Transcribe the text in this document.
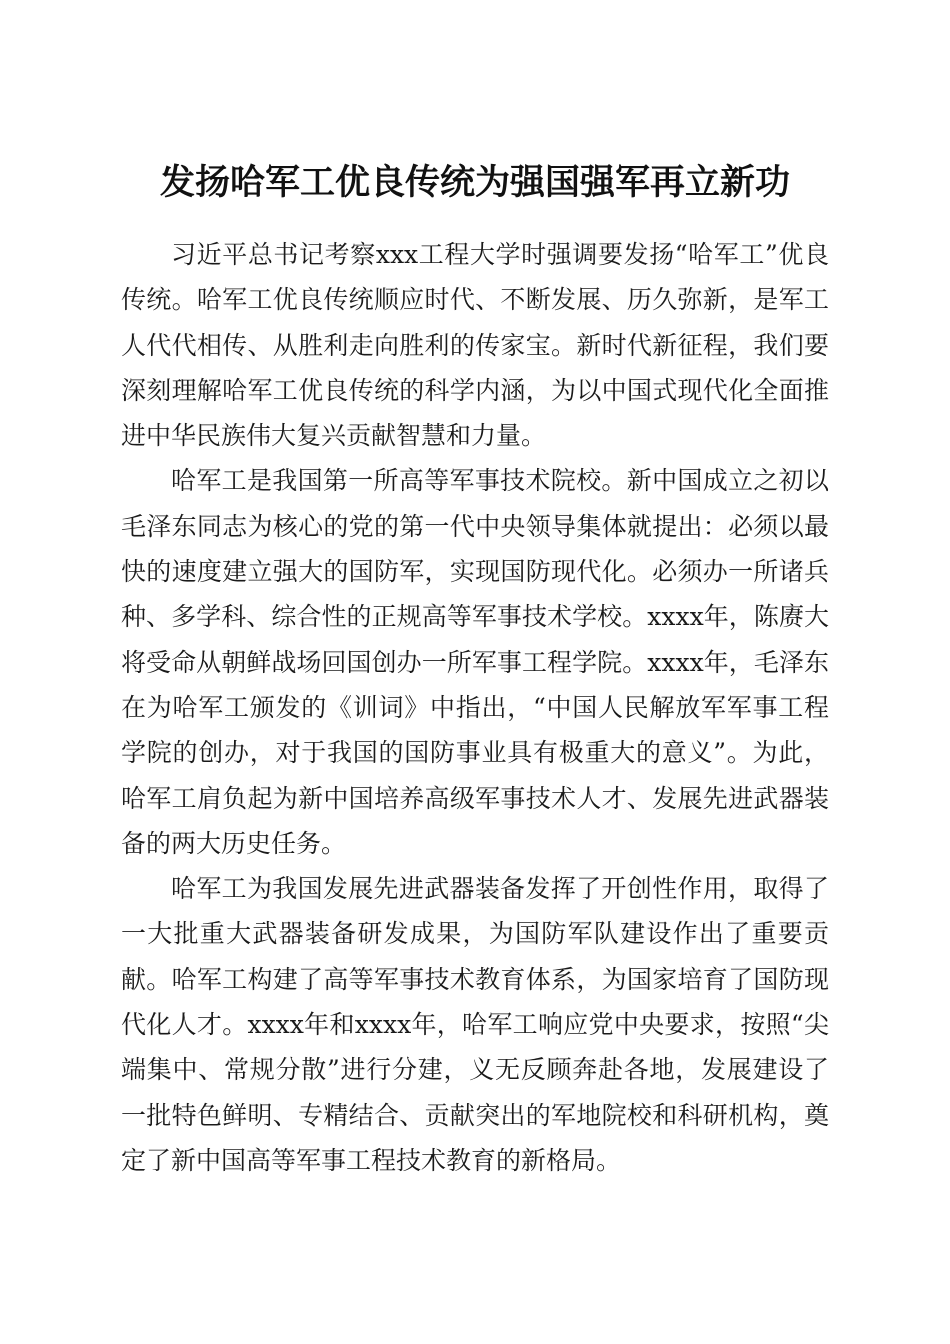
发扬哈军工优良传统为强国强军再立新功

习近平总书记考察xxx工程大学时强调要发扬“哈军工”优良传统。哈军工优良传统顺应时代、不断发展、历久弥新，是军工人代代相传、从胜利走向胜利的传家宝。新时代新征程，我们要深刻理解哈军工优良传统的科学内涵，为以中国式现代化全面推进中华民族伟大复兴贡献智慧和力量。

哈军工是我国第一所高等军事技术院校。新中国成立之初以毛泽东同志为核心的党的第一代中央领导集体就提出：必须以最快的速度建立强大的国防军，实现国防现代化。必须办一所诸兵种、多学科、综合性的正规高等军事技术学校。xxxx年，陈赓大将受命从朝鲜战场回国创办一所军事工程学院。xxxx年，毛泽东在为哈军工颁发的《训词》中指出，“中国人民解放军军事工程学院的创办，对于我国的国防事业具有极重大的意义”。为此，哈军工肩负起为新中国培养高级军事技术人才、发展先进武器装备的两大历史任务。

哈军工为我国发展先进武器装备发挥了开创性作用，取得了一大批重大武器装备研发成果，为国防军队建设作出了重要贡献。哈军工构建了高等军事技术教育体系，为国家培育了国防现代化人才。xxxx年和xxxx年，哈军工响应党中央要求，按照“尖端集中、常规分散”进行分建，义无反顾奔赴各地，发展建设了一批特色鲜明、专精结合、贡献突出的军地院校和科研机构，奠定了新中国高等军事工程技术教育的新格局。
